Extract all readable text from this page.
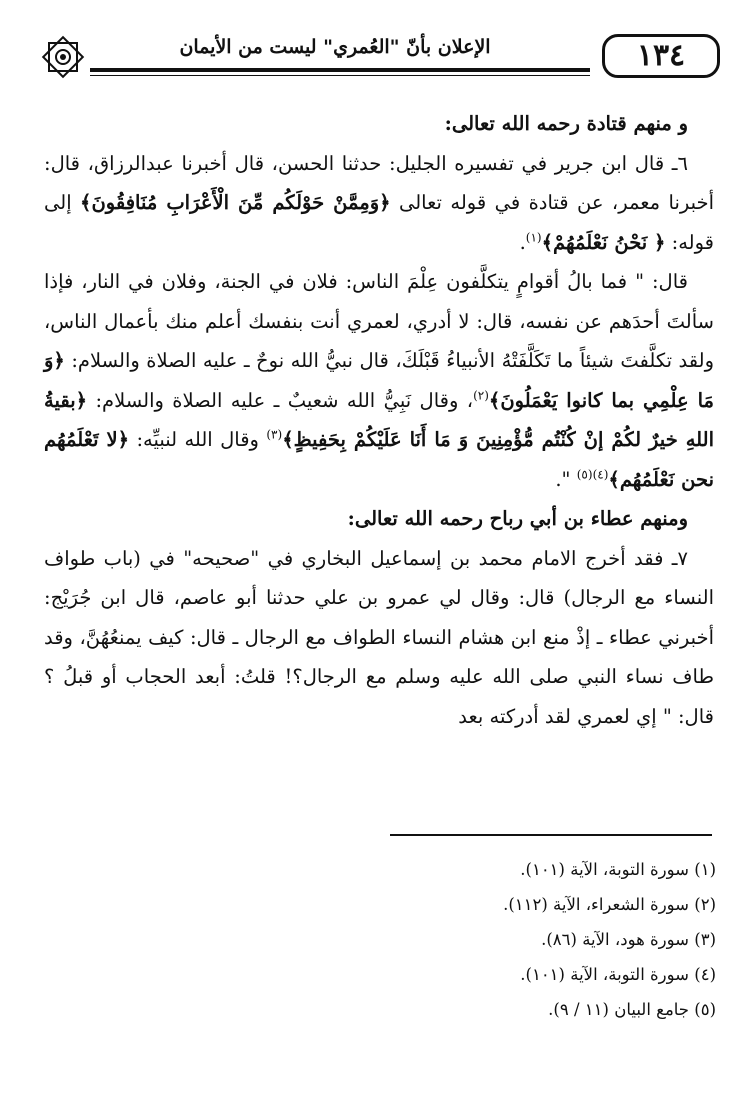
الإعلان بأنّ "العُمري" ليست من الأيمان	١٣٤

و منهم قتادة رحمه الله تعالى:

٦ـ قال ابن جرير في تفسيره الجليل: حدثنا الحسن، قال أخبرنا عبدالرزاق، قال: أخبرنا معمر، عن قتادة في قوله تعالى ﴿وَمِمَّنْ حَوْلَكُم مِّنَ الْأَعْرَابِ مُنَافِقُونَ﴾ إلى قوله: ﴿ نَحْنُ نَعْلَمُهُمْ﴾$^{(١)}$.

قال: " فما بالُ أقوامٍ يتكلَّفون عِلْمَ الناس: فلان في الجنة، وفلان في النار، فإذا سألتَ أحدَهم عن نفسه، قال: لا أدري، لعمري أنت بنفسك أعلم منك بأعمال الناس، ولقد تكلَّفتَ شيئاً ما تَكَلَّفَتْهُ الأنبياءُ قَبْلَكَ، قال نبيُّ الله نوحٌ ـ عليه الصلاة والسلام: ﴿وَ مَا عِلْمِي بما كانوا يَعْمَلُونَ﴾$^{(٢)}$، وقال نَبِيُّ الله شعيبٌ ـ عليه الصلاة والسلام: ﴿بقيةُ اللهِ خيرٌ لكُمْ إنْ كُنْتُم مُّؤْمِنِينَ وَ مَا أَنَا عَلَيْكُمْ بِحَفِيظٍ﴾$^{(٣)}$ وقال الله لنبيِّه: ﴿لا تَعْلَمُهُم نحن نَعْلَمُهُم﴾$^{(٤)(٥)}$ ".

ومنهم عطاء بن أبي رباح رحمه الله تعالى:

٧ـ فقد أخرج الامام محمد بن إسماعيل البخاري في "صحيحه" في (باب طواف النساء مع الرجال) قال: وقال لي عمرو بن علي حدثنا أبو عاصم، قال ابن جُرَيْج: أخبرني عطاء ـ إذْ منع ابن هشام النساء الطواف مع الرجال ـ قال: كيف يمنعُهُنَّ، وقد طاف نساء النبي صلى الله عليه وسلم مع الرجال؟! قلتُ: أبعد الحجاب أو قبلُ ؟ قال: " إي لعمري لقد أدركته بعد

(١) سورة التوبة، الآية (١٠١).

(٢) سورة الشعراء، الآية (١١٢).

(٣) سورة هود، الآية (٨٦).

(٤) سورة التوبة، الآية (١٠١).

(٥) جامع البيان (١١ / ٩).
